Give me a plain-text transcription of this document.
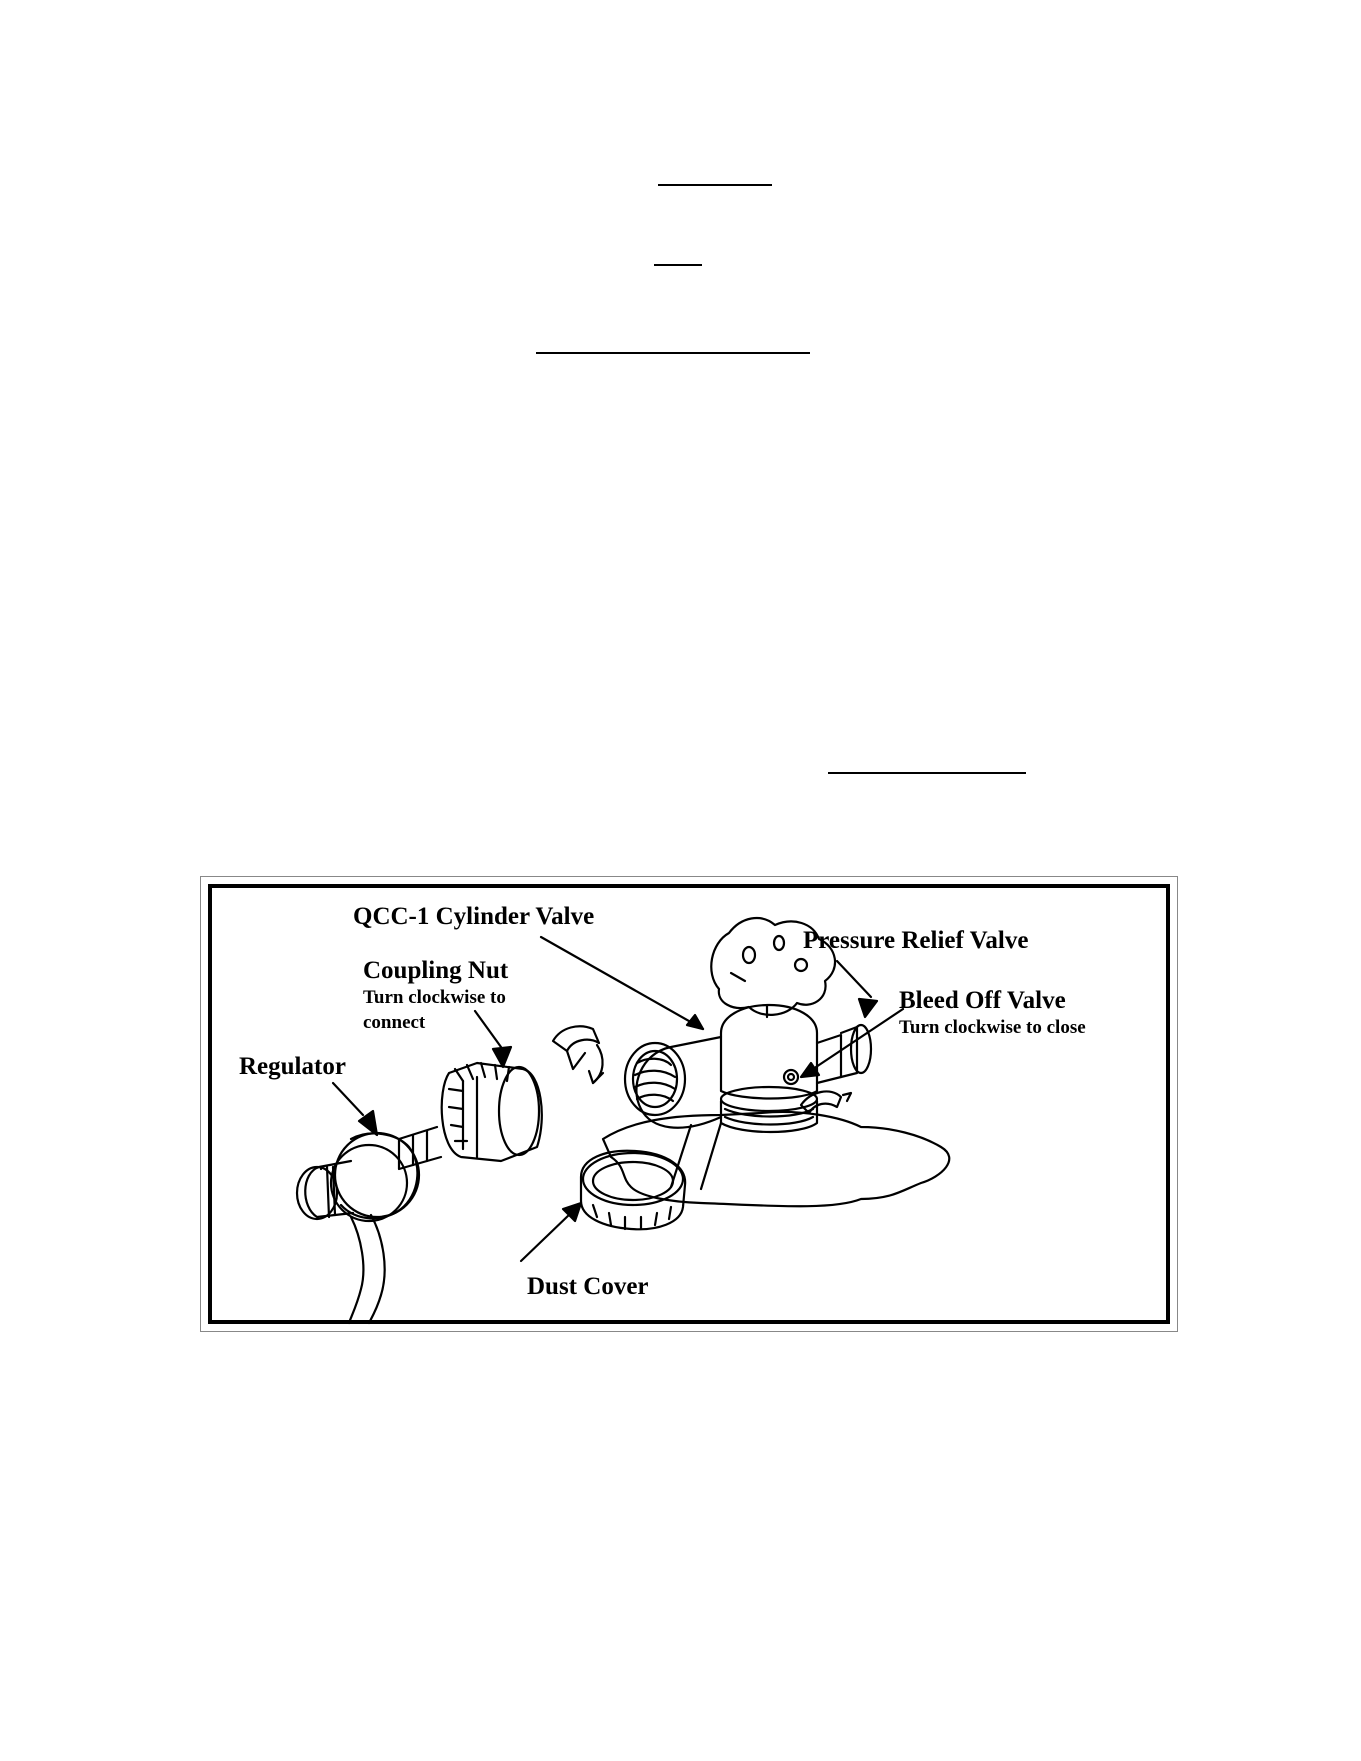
QCC-1 Cylinder Valve
Pressure Relief Valve
Coupling Nut
Turn clockwise to
connect
Bleed Off Valve
Turn clockwise to close
Regulator
Dust Cover
